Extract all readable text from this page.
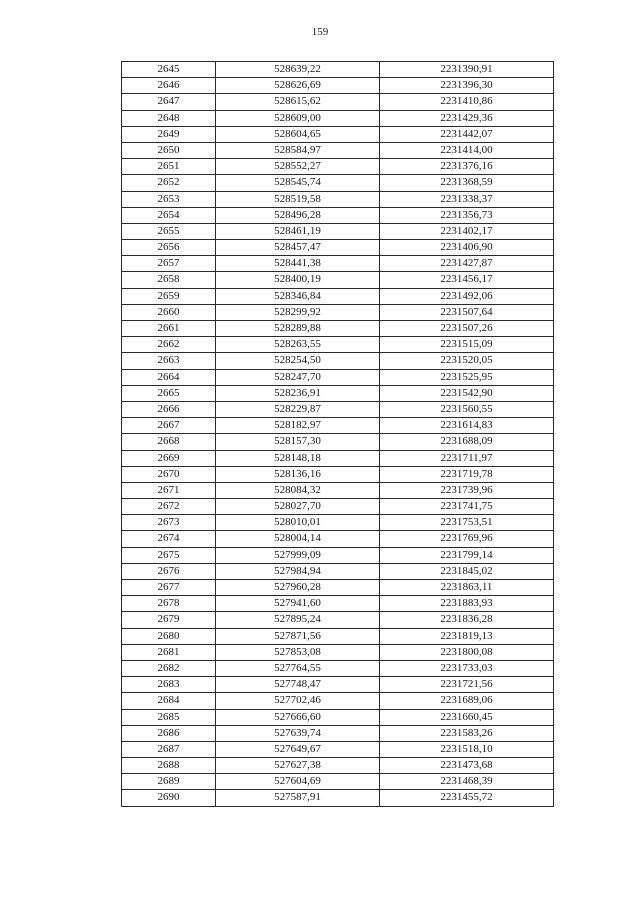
159
2645	528639,22	2231390,91
2646	528626,69	2231396,30
2647	528615,62	2231410,86
2648	528609,00	2231429,36
2649	528604,65	2231442,07
2650	528584,97	2231414,00
2651	528552,27	2231376,16
2652	528545,74	2231368,59
2653	528519,58	2231338,37
2654	528496,28	2231356,73
2655	528461,19	2231402,17
2656	528457,47	2231406,90
2657	528441,38	2231427,87
2658	528400,19	2231456,17
2659	528346,84	2231492,06
2660	528299,92	2231507,64
2661	528289,88	2231507,26
2662	528263,55	2231515,09
2663	528254,50	2231520,05
2664	528247,70	2231525,95
2665	528236,91	2231542,90
2666	528229,87	2231560,55
2667	528182,97	2231614,83
2668	528157,30	2231688,09
2669	528148,18	2231711,97
2670	528136,16	2231719,78
2671	528084,32	2231739,96
2672	528027,70	2231741,75
2673	528010,01	2231753,51
2674	528004,14	2231769,96
2675	527999,09	2231799,14
2676	527984,94	2231845,02
2677	527960,28	2231863,11
2678	527941,60	2231883,93
2679	527895,24	2231836,28
2680	527871,56	2231819,13
2681	527853,08	2231800,08
2682	527764,55	2231733,03
2683	527748,47	2231721,56
2684	527702,46	2231689,06
2685	527666,60	2231660,45
2686	527639,74	2231583,26
2687	527649,67	2231518,10
2688	527627,38	2231473,68
2689	527604,69	2231468,39
2690	527587,91	2231455,72
